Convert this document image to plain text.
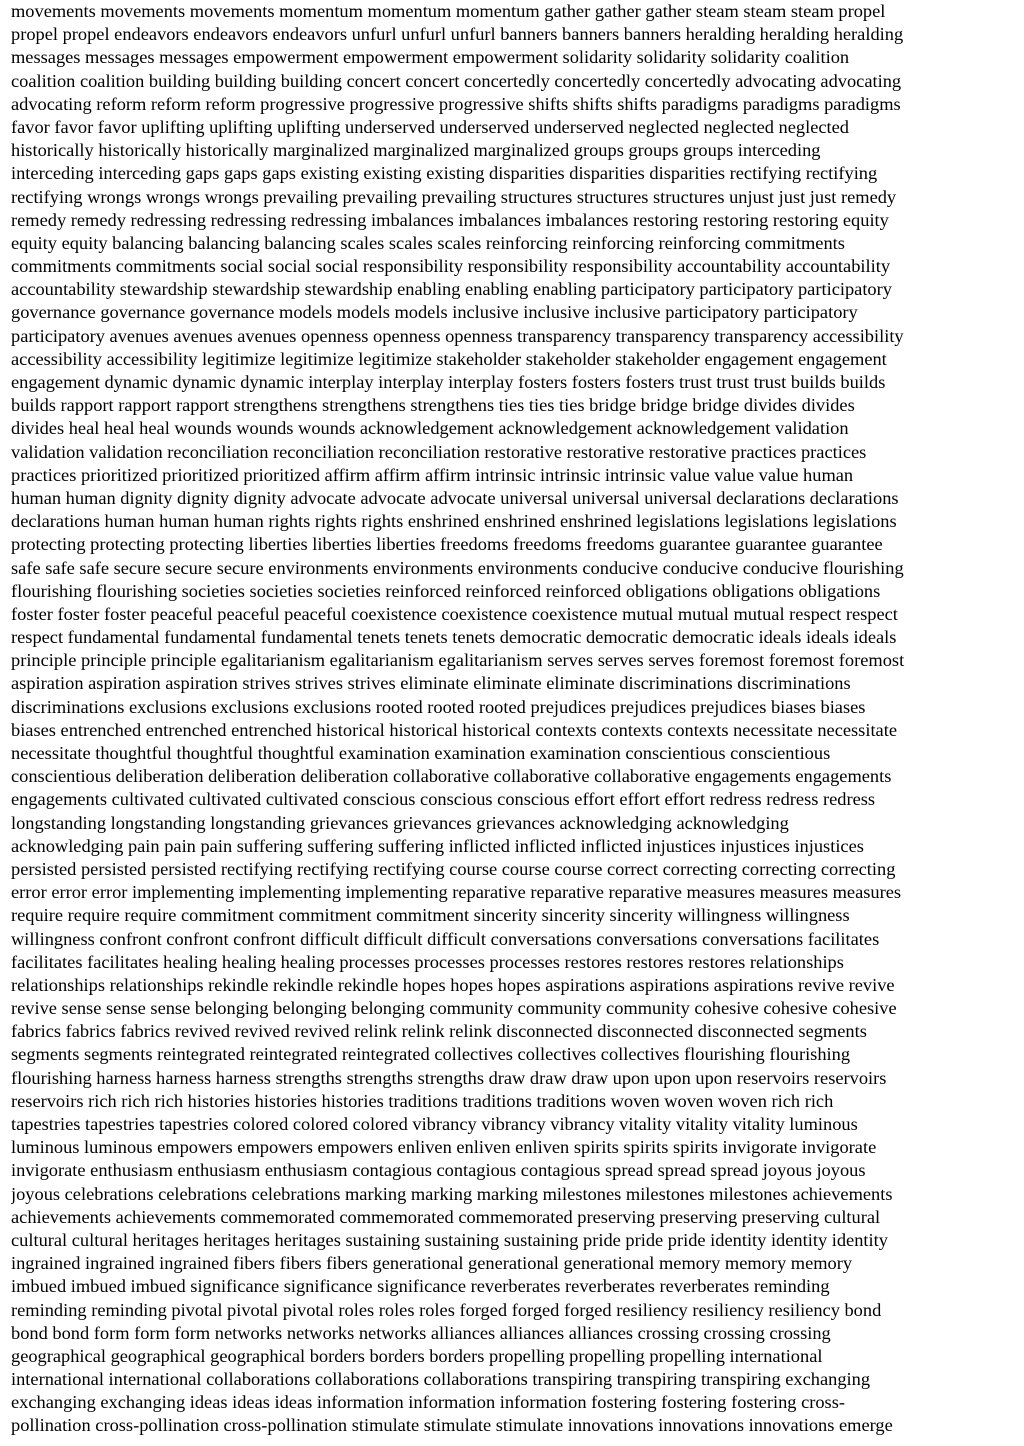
movements movements movements momentum momentum momentum gather gather gather steam steam steam propel
propel propel endeavors endeavors endeavors unfurl unfurl unfurl banners banners banners heralding heralding heralding
messages messages messages empowerment empowerment empowerment solidarity solidarity solidarity coalition
coalition coalition building building building concert concert concertedly concertedly concertedly advocating advocating
advocating reform reform reform progressive progressive progressive shifts shifts shifts paradigms paradigms paradigms
favor favor favor uplifting uplifting uplifting underserved underserved underserved neglected neglected neglected
historically historically historically marginalized marginalized marginalized groups groups groups interceding
interceding interceding gaps gaps gaps existing existing existing disparities disparities disparities rectifying rectifying
rectifying wrongs wrongs wrongs prevailing prevailing prevailing structures structures structures unjust just just remedy
remedy remedy redressing redressing redressing imbalances imbalances imbalances restoring restoring restoring equity
equity equity balancing balancing balancing scales scales scales reinforcing reinforcing reinforcing commitments
commitments commitments social social social responsibility responsibility responsibility accountability accountability
accountability stewardship stewardship stewardship enabling enabling enabling participatory participatory participatory
governance governance governance models models models inclusive inclusive inclusive participatory participatory
participatory avenues avenues avenues openness openness openness transparency transparency transparency accessibility
accessibility accessibility legitimize legitimize legitimize stakeholder stakeholder stakeholder engagement engagement
engagement dynamic dynamic dynamic interplay interplay interplay fosters fosters fosters trust trust trust builds builds
builds rapport rapport rapport strengthens strengthens strengthens ties ties ties bridge bridge bridge divides divides
divides heal heal heal wounds wounds wounds acknowledgement acknowledgement acknowledgement validation
validation validation reconciliation reconciliation reconciliation restorative restorative restorative practices practices
practices prioritized prioritized prioritized affirm affirm affirm intrinsic intrinsic intrinsic value value value human
human human dignity dignity dignity advocate advocate advocate universal universal universal declarations declarations
declarations human human human rights rights rights enshrined enshrined enshrined legislations legislations legislations
protecting protecting protecting liberties liberties liberties freedoms freedoms freedoms guarantee guarantee guarantee
safe safe safe secure secure secure environments environments environments conducive conducive conducive flourishing
flourishing flourishing societies societies societies reinforced reinforced reinforced obligations obligations obligations
foster foster foster peaceful peaceful peaceful coexistence coexistence coexistence mutual mutual mutual respect respect
respect fundamental fundamental fundamental tenets tenets tenets democratic democratic democratic ideals ideals ideals
principle principle principle egalitarianism egalitarianism egalitarianism serves serves serves foremost foremost foremost
aspiration aspiration aspiration strives strives strives eliminate eliminate eliminate discriminations discriminations
discriminations exclusions exclusions exclusions rooted rooted rooted prejudices prejudices prejudices biases biases
biases entrenched entrenched entrenched historical historical historical contexts contexts contexts necessitate necessitate
necessitate thoughtful thoughtful thoughtful examination examination examination conscientious conscientious
conscientious deliberation deliberation deliberation collaborative collaborative collaborative engagements engagements
engagements cultivated cultivated cultivated conscious conscious conscious effort effort effort redress redress redress
longstanding longstanding longstanding grievances grievances grievances acknowledging acknowledging
acknowledging pain pain pain suffering suffering suffering inflicted inflicted inflicted injustices injustices injustices
persisted persisted persisted rectifying rectifying rectifying course course course correct correcting correcting correcting
error error error implementing implementing implementing reparative reparative reparative measures measures measures
require require require commitment commitment commitment sincerity sincerity sincerity willingness willingness
willingness confront confront confront difficult difficult difficult conversations conversations conversations facilitates
facilitates facilitates healing healing healing processes processes processes restores restores restores relationships
relationships relationships rekindle rekindle rekindle hopes hopes hopes aspirations aspirations aspirations revive revive
revive sense sense sense belonging belonging belonging community community community cohesive cohesive cohesive
fabrics fabrics fabrics revived revived revived relink relink relink disconnected disconnected disconnected segments
segments segments reintegrated reintegrated reintegrated collectives collectives collectives flourishing flourishing
flourishing harness harness harness strengths strengths strengths draw draw draw upon upon upon reservoirs reservoirs
reservoirs rich rich rich histories histories histories traditions traditions traditions woven woven woven rich rich
tapestries tapestries tapestries colored colored colored vibrancy vibrancy vibrancy vitality vitality vitality luminous
luminous luminous empowers empowers empowers enliven enliven enliven spirits spirits spirits invigorate invigorate
invigorate enthusiasm enthusiasm enthusiasm contagious contagious contagious spread spread spread joyous joyous
joyous celebrations celebrations celebrations marking marking marking milestones milestones milestones achievements
achievements achievements commemorated commemorated commemorated preserving preserving preserving cultural
cultural cultural heritages heritages heritages sustaining sustaining sustaining pride pride pride identity identity identity
ingrained ingrained ingrained fibers fibers fibers generational generational generational memory memory memory
imbued imbued imbued significance significance significance reverberates reverberates reverberates reminding
reminding reminding pivotal pivotal pivotal roles roles roles forged forged forged resiliency resiliency resiliency bond
bond bond form form form networks networks networks alliances alliances alliances crossing crossing crossing
geographical geographical geographical borders borders borders propelling propelling propelling international
international international collaborations collaborations collaborations transpiring transpiring transpiring exchanging
exchanging exchanging ideas ideas ideas information information information fostering fostering fostering cross-
pollination cross-pollination cross-pollination stimulate stimulate stimulate innovations innovations innovations emerge
